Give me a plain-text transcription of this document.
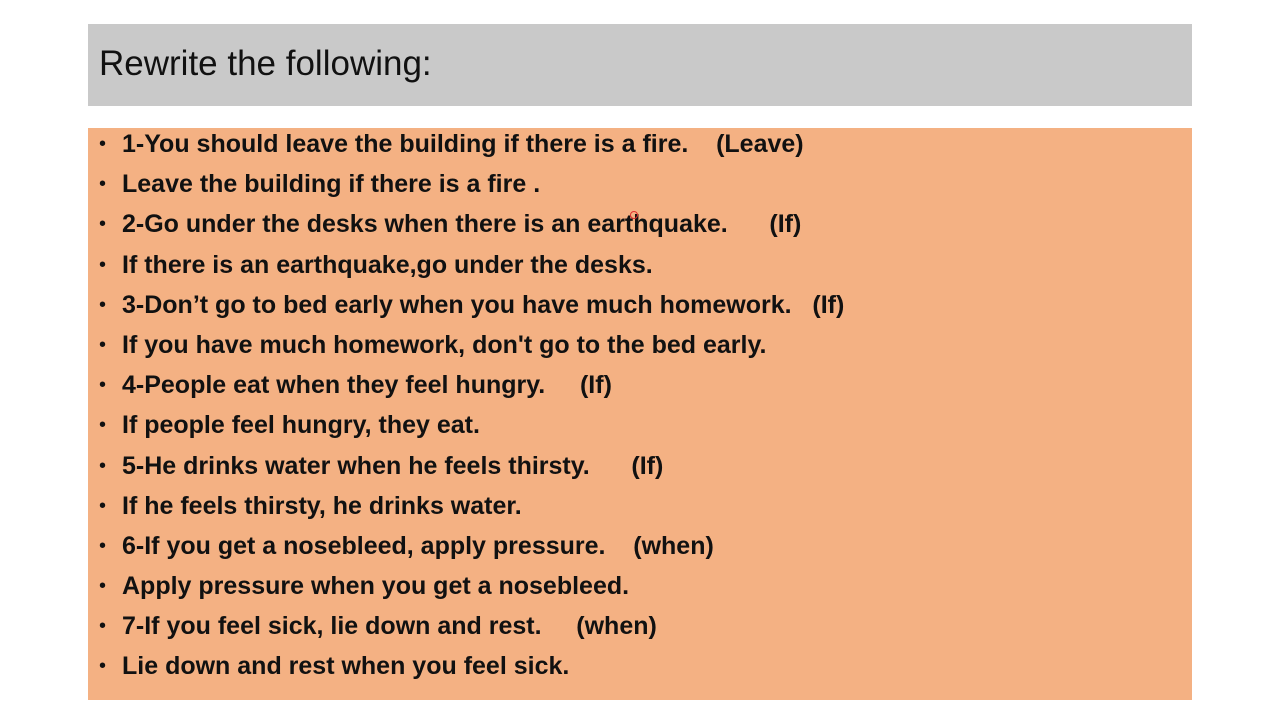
Rewrite the following:
• 1-You should leave the building if there is a fire.    (Leave)
• Leave the building if there is a fire .
• 2-Go under the desks when there is an earthquake.      (If)
• If there is an earthquake,go under the desks.
• 3-Don’t go to bed early when you have much homework.   (If)
• If you have much homework, don't go to the bed early.
• 4-People eat when they feel hungry.     (If)
• If people feel hungry, they eat.
• 5-He drinks water when he feels thirsty.      (If)
• If he feels thirsty, he drinks water.
• 6-If you get a nosebleed, apply pressure.    (when)
• Apply pressure when you get a nosebleed.
• 7-If you feel sick, lie down and rest.     (when)
• Lie down and rest when you feel sick.
